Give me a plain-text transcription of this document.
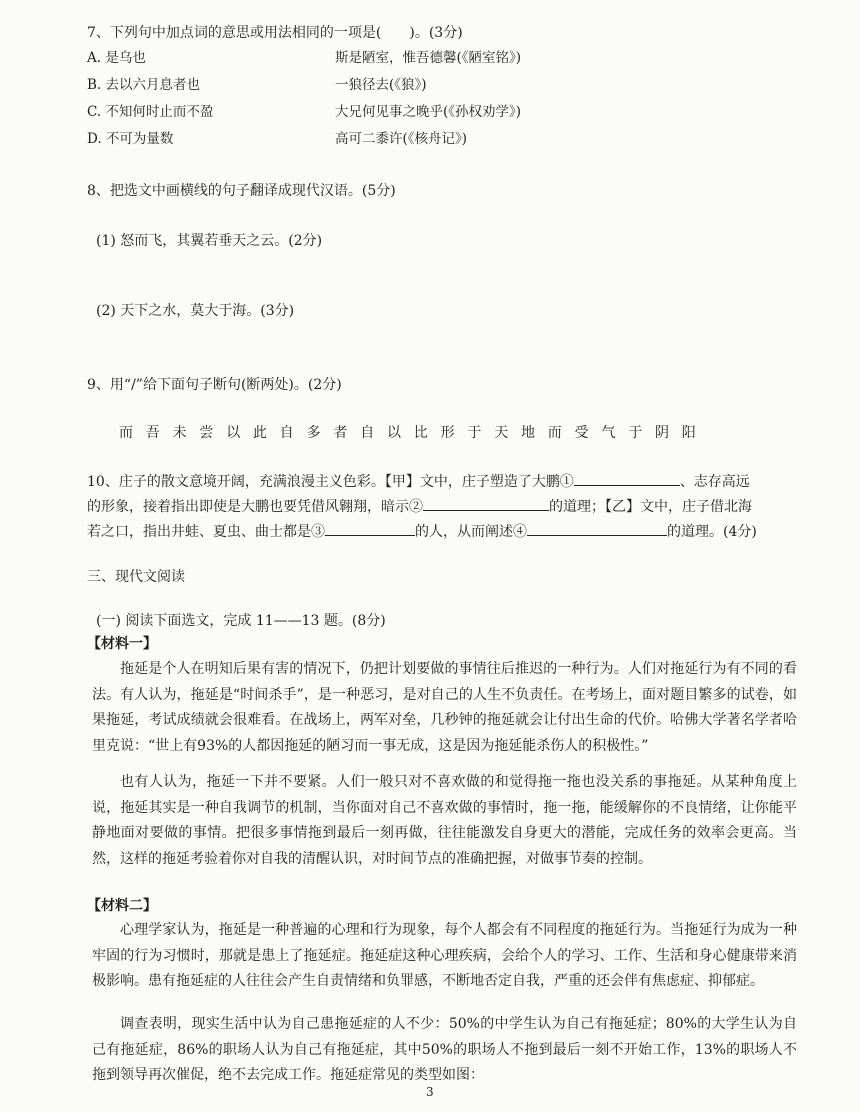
7、下列句中加点词的意思或用法相同的一项是(　　)。(3分)
A. 是乌也	斯是陋室，惟吾德馨(《陋室铭》)
B. 去以六月息者也	一狼径去(《狼》)
C. 不知何时止而不盈	大兄何见事之晚乎(《孙权劝学》)
D. 不可为量数	高可二黍许(《核舟记》)
8、把选文中画横线的句子翻译成现代汉语。(5分)
(1) 怒而飞，其翼若垂天之云。(2分)
(2) 天下之水，莫大于海。(3分)
9、用“/”给下面句子断句(断两处)。(2分)
而吾未尝以此自多者自以比形于天地而受气于阴阳
10、庄子的散文意境开阔，充满浪漫主义色彩。【甲】文中，庄子塑造了大鹏①	、志存高远
的形象，接着指出即使是大鹏也要凭借风翱翔，暗示②	的道理；【乙】文中，庄子借北海
若之口，指出井蛙、夏虫、曲士都是③	的人，从而阐述④	的道理。(4分)
三、现代文阅读
(一) 阅读下面选文，完成 11——13 题。(8分)
【材料一】
拖延是个人在明知后果有害的情况下，仍把计划要做的事情往后推迟的一种行为。人们对拖延行为有不同的看法。有人认为，拖延是“时间杀手”，是一种恶习，是对自己的人生不负责任。在考场上，面对题目繁多的试卷，如果拖延，考试成绩就会很难看。在战场上，两军对垒，几秒钟的拖延就会让付出生命的代价。哈佛大学著名学者哈里克说：“世上有93%的人都因拖延的陋习而一事无成，这是因为拖延能杀伤人的积极性。”
也有人认为，拖延一下并不要紧。人们一般只对不喜欢做的和觉得拖一拖也没关系的事拖延。从某种角度上说，拖延其实是一种自我调节的机制，当你面对自己不喜欢做的事情时，拖一拖，能缓解你的不良情绪，让你能平静地面对要做的事情。把很多事情拖到最后一刻再做，往往能激发自身更大的潜能，完成任务的效率会更高。当然，这样的拖延考验着你对自我的清醒认识，对时间节点的准确把握，对做事节奏的控制。
【材料二】
心理学家认为，拖延是一种普遍的心理和行为现象，每个人都会有不同程度的拖延行为。当拖延行为成为一种牢固的行为习惯时，那就是患上了拖延症。拖延症这种心理疾病，会给个人的学习、工作、生活和身心健康带来消极影响。患有拖延症的人往往会产生自责情绪和负罪感，不断地否定自我，严重的还会伴有焦虑症、抑郁症。
调查表明，现实生活中认为自己患拖延症的人不少：50%的中学生认为自己有拖延症；80%的大学生认为自己有拖延症，86%的职场人认为自己有拖延症，其中50%的职场人不拖到最后一刻不开始工作，13%的职场人不拖到领导再次催促，绝不去完成工作。拖延症常见的类型如图：
3
